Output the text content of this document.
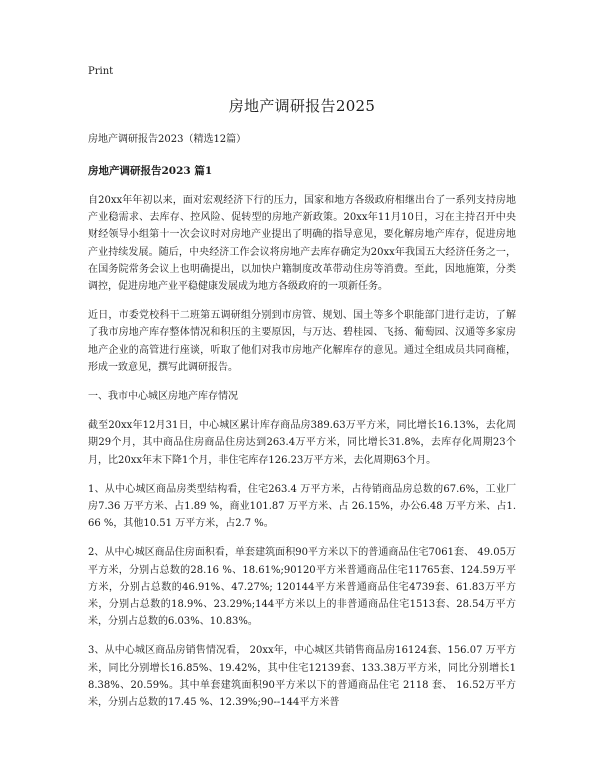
Print
房地产调研报告2025
房地产调研报告2023（精选12篇）
房地产调研报告2023 篇1

自20xx年年初以来，面对宏观经济下行的压力，国家和地方各级政府相继出台了一系列支持房地产业稳需求、去库存、控风险、促转型的房地产新政策。20xx年11月10日，习在主持召开中央财经领导小组第十一次会议时对房地产业提出了明确的指导意见，要化解房地产库存，促进房地产业持续发展。随后，中央经济工作会议将房地产去库存确定为20xx年我国五大经济任务之一，在国务院常务会议上也明确提出，以加快户籍制度改革带动住房等消费。至此，因地施策，分类调控，促进房地产业平稳健康发展成为地方各级政府的一项新任务。

近日，市委党校科干二班第五调研组分别到市房管、规划、国土等多个职能部门进行走访，了解了我市房地产库存整体情况和积压的主要原因，与万达、碧桂园、飞扬、葡萄园、汉通等多家房地产企业的高管进行座谈，听取了他们对我市房地产化解库存的意见。通过全组成员共同商榷，形成一致意见，撰写此调研报告。

一、我市中心城区房地产库存情况

截至20xx年12月31日，中心城区累计库存商品房389.63万平方米，同比增长16.13%，去化周期29个月，其中商品住房商品住房达到263.4万平方米，同比增长31.8%，去库存化周期23个月，比20xx年末下降1个月，非住宅库存126.23万平方米，去化周期63个月。

1、从中心城区商品房类型结构看，住宅263.4 万平方米，占待销商品房总数的67.6%，工业厂房7.36 万平方米、占1.89 %，商业101.87 万平方米、占 26.15%，办公6.48 万平方米、占1.66 %，其他10.51 万平方米，占2.7 %。

2、从中心城区商品住房面积看，单套建筑面积90平方米以下的普通商品住宅7061套、 49.05万平方米，分别占总数的28.16 %、18.61%;90120平方米普通商品住宅11765套、124.59万平方米，分别占总数的46.91%、47.27%; 120144平方米普通商品住宅4739套、61.83万平方米，分别占总数的18.9%、23.29%;144平方米以上的非普通商品住宅1513套、28.54万平方米，分别占总数的6.03%、10.83%。

3、从中心城区商品房销售情况看， 20xx年，中心城区共销售商品房16124套、156.07 万平方米，同比分别增长16.85%、19.42%，其中住宅12139套、133.38万平方米，同比分别增长18.38%、20.59%。其中单套建筑面积90平方米以下的普通商品住宅 2118 套、 16.52万平方米，分别占总数的17.45 %、12.39%;90--144平方米普
